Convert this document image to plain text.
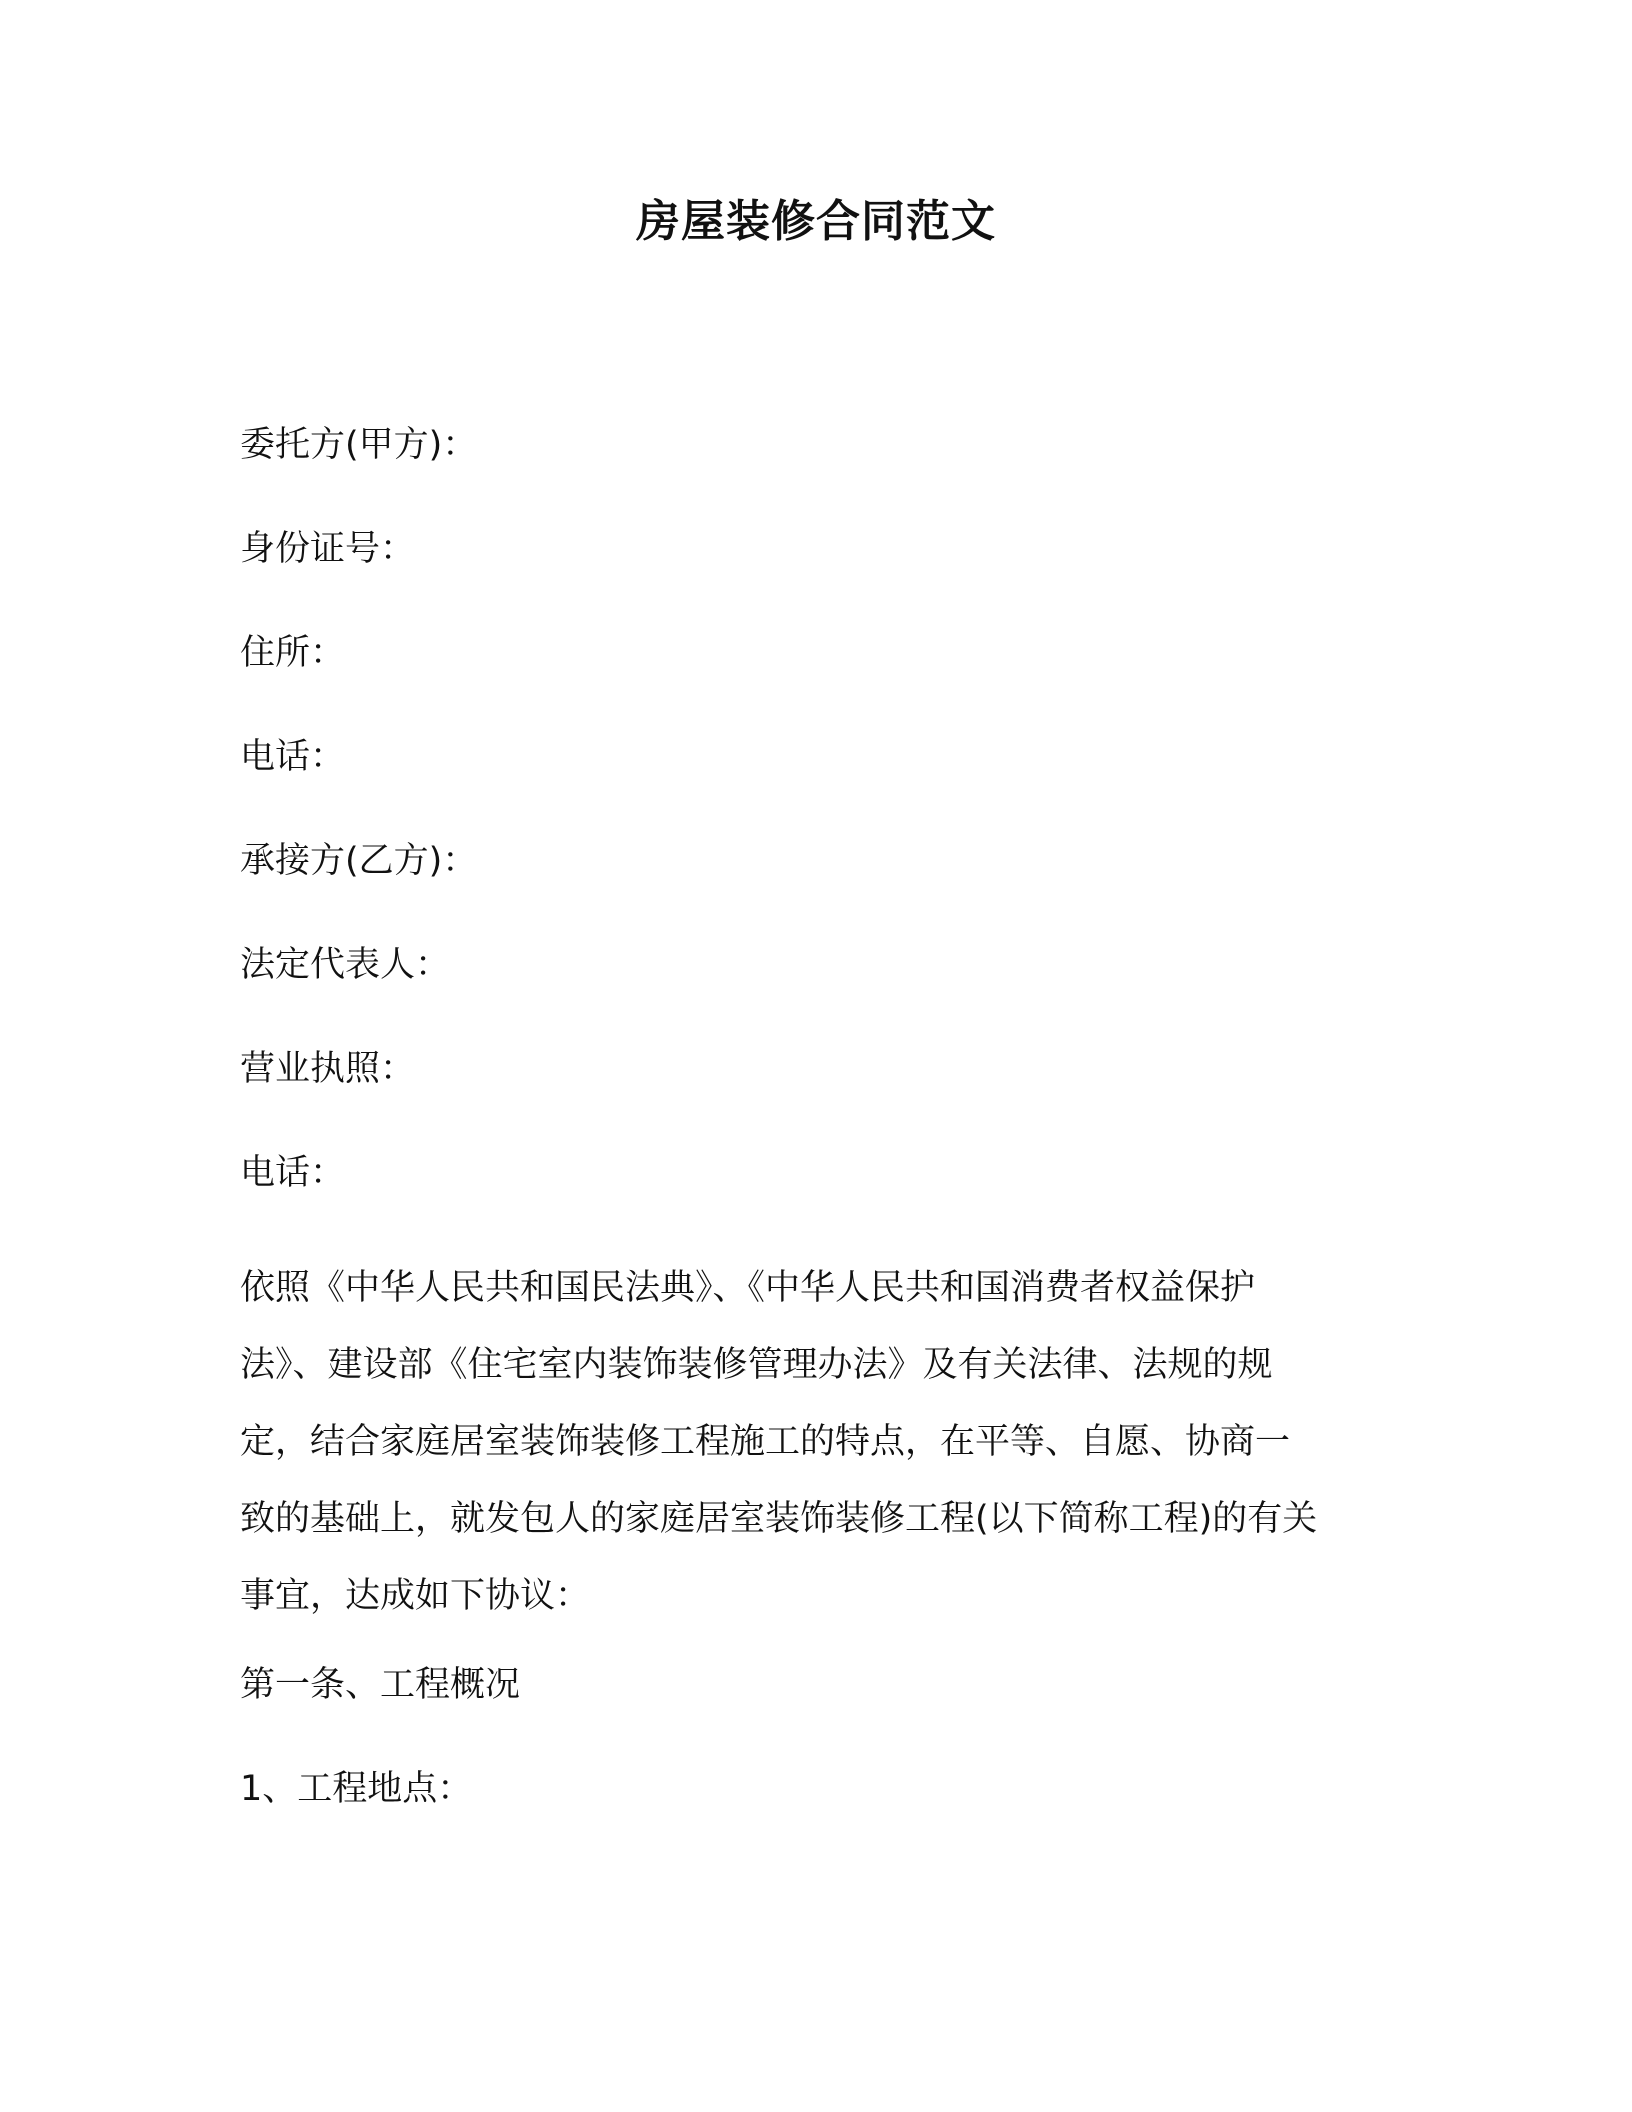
房屋装修合同范文

委托方(甲方)：

身份证号：

住所：

电话：

承接方(乙方)：

法定代表人：

营业执照：

电话：

依照《中华人民共和国民法典》、《中华人民共和国消费者权益保护
法》、建设部《住宅室内装饰装修管理办法》及有关法律、法规的规
定，结合家庭居室装饰装修工程施工的特点，在平等、自愿、协商一
致的基础上，就发包人的家庭居室装饰装修工程(以下简称工程)的有关
事宜，达成如下协议：

第一条、工程概况

1、工程地点：
